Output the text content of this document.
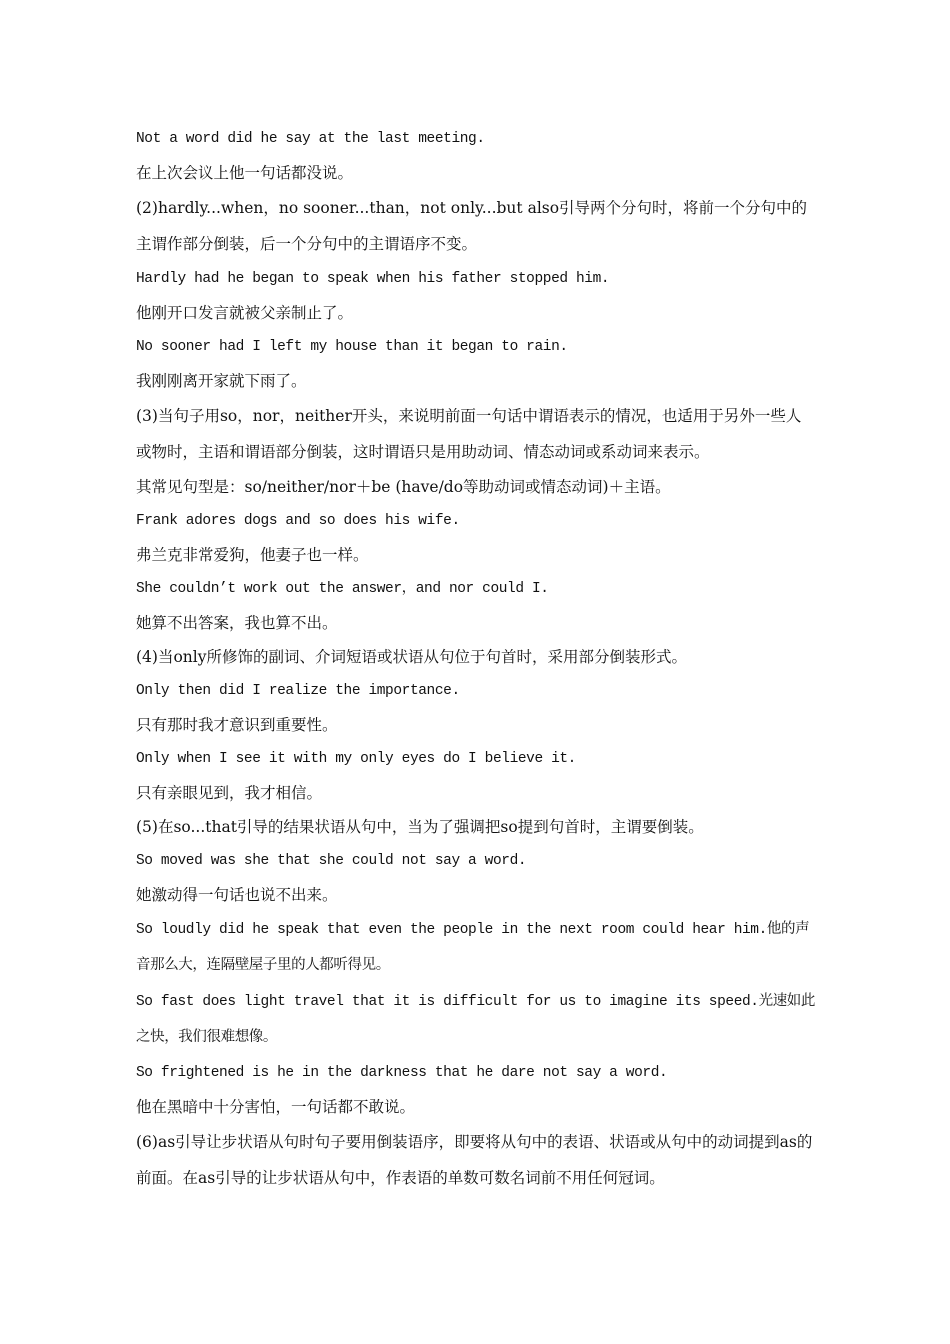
Not a word did he say at the last meeting.

在上次会议上他一句话都没说。

(2)hardly...when，no sooner...than，not only...but also引导两个分句时，将前一个分句中的主谓作部分倒装，后一个分句中的主谓语序不变。

Hardly had he began to speak when his father stopped him.

他刚开口发言就被父亲制止了。

No sooner had I left my house than it began to rain.

我刚刚离开家就下雨了。

(3)当句子用so，nor，neither开头，来说明前面一句话中谓语表示的情况，也适用于另外一些人或物时，主语和谓语部分倒装，这时谓语只是用助动词、情态动词或系动词来表示。

其常见句型是：so/neither/nor＋be (have/do等助动词或情态动词)＋主语。

Frank adores dogs and so does his wife.

弗兰克非常爱狗，他妻子也一样。

She couldn’t work out the answer，and nor could I.

她算不出答案，我也算不出。

(4)当only所修饰的副词、介词短语或状语从句位于句首时，采用部分倒装形式。

Only then did I realize the importance.

只有那时我才意识到重要性。

Only when I see it with my only eyes do I believe it.

只有亲眼见到，我才相信。

(5)在so...that引导的结果状语从句中，当为了强调把so提到句首时，主谓要倒装。

So moved was she that she could not say a word.

她激动得一句话也说不出来。

So loudly did he speak that even the people in the next room could hear him.他的声音那么大，连隔壁屋子里的人都听得见。

So fast does light travel that it is difficult for us to imagine its speed.光速如此之快，我们很难想像。

So frightened is he in the darkness that he dare not say a word.

他在黑暗中十分害怕，一句话都不敢说。

(6)as引导让步状语从句时句子要用倒装语序，即要将从句中的表语、状语或从句中的动词提到as的前面。在as引导的让步状语从句中，作表语的单数可数名词前不用任何冠词。
